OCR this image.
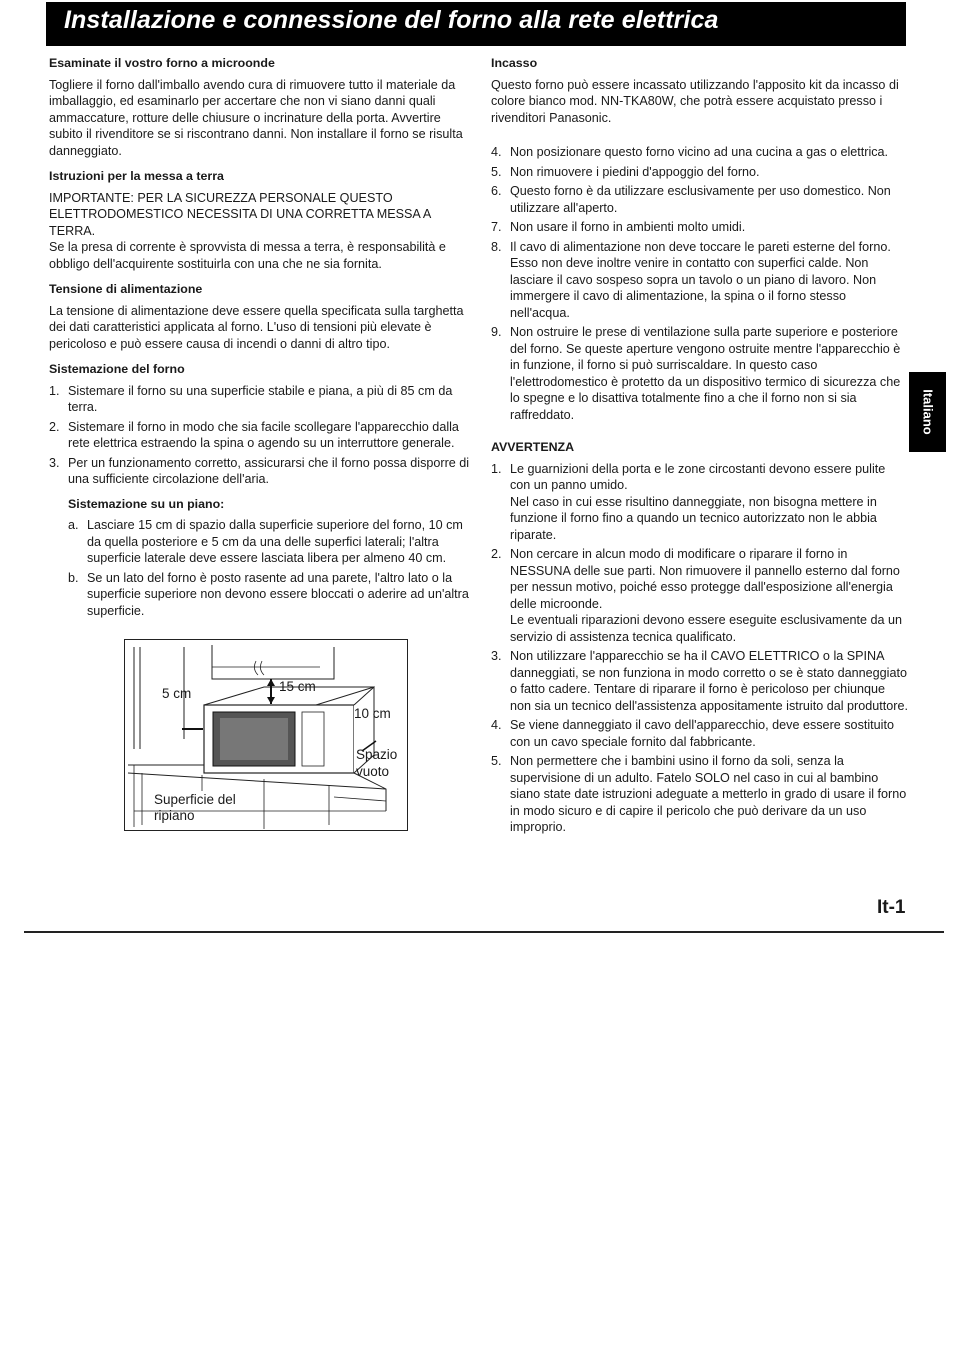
Installazione e connessione del forno alla rete elettrica
Esaminate il vostro forno a microonde

Togliere il forno dall'imballo avendo cura di rimuovere tutto il materiale da imballaggio, ed esaminarlo per accertare che non vi siano danni quali ammaccature, rotture delle chiusure o incrinature della porta. Avvertire subito il rivenditore se si riscontrano danni. Non installare il forno se risulta danneggiato.

Istruzioni per la messa a terra

IMPORTANTE: PER LA SICUREZZA PERSONALE QUESTO ELETTRODOMESTICO NECESSITA DI UNA CORRETTA MESSA A TERRA.

Se la presa di corrente è sprovvista di messa a terra, è responsabilità e obbligo dell'acquirente sostituirla con una che ne sia fornita.

Tensione di alimentazione

La tensione di alimentazione deve essere quella specificata sulla targhetta dei dati caratteristici applicata al forno. L'uso di tensioni più elevate è pericoloso e può essere causa di incendi o danni di altro tipo.

Sistemazione del forno
1. Sistemare il forno su una superficie stabile e piana, a più di 85 cm da terra.
2. Sistemare il forno in modo che sia facile scollegare l'apparecchio dalla rete elettrica estraendo la spina o agendo su un interruttore generale.
3. Per un funzionamento corretto, assicurarsi che il forno possa disporre di una sufficiente circolazione dell'aria.
Sistemazione su un piano:
a. Lasciare 15 cm di spazio dalla superficie superiore del forno, 10 cm da quella posteriore e 5 cm da una delle superfici laterali; l'altra superficie laterale deve essere lasciata libera per almeno 40 cm.
b. Se un lato del forno è posto rasente ad una parete, l'altro lato o la superficie superiore non devono essere bloccati o aderire ad un'altra superficie.
5 cm	15 cm
10 cm
Spazio
vuoto
Superficie del
ripiano
Incasso

Questo forno può essere incassato utilizzando l'apposito kit da incasso di colore bianco mod. NN-TKA80W, che potrà essere acquistato presso i rivenditori Panasonic.

4. Non posizionare questo forno vicino ad una cucina a gas o elettrica.
5. Non rimuovere i piedini d'appoggio del forno.
6. Questo forno è da utilizzare esclusivamente per uso domestico. Non utilizzare all'aperto.
7. Non usare il forno in ambienti molto umidi.
8. Il cavo di alimentazione non deve toccare le pareti esterne del forno. Esso non deve inoltre venire in contatto con superfici calde. Non lasciare il cavo sospeso sopra un tavolo o un piano di lavoro. Non immergere il cavo di alimentazione, la spina o il forno stesso nell'acqua.
9. Non ostruire le prese di ventilazione sulla parte superiore e posteriore del forno. Se queste aperture vengono ostruite mentre l'apparecchio è in funzione, il forno si può surriscaldare. In questo caso l'elettrodomestico è protetto da un dispositivo termico di sicurezza che lo spegne e lo disattiva totalmente fino a che il forno non si sia raffreddato.
AVVERTENZA
1. Le guarnizioni della porta e le zone circostanti devono essere pulite con un panno umido.
Nel caso in cui esse risultino danneggiate, non bisogna mettere in funzione il forno fino a quando un tecnico autorizzato non le abbia riparate.
2. Non cercare in alcun modo di modificare o riparare il forno in NESSUNA delle sue parti. Non rimuovere il pannello esterno dal forno per nessun motivo, poiché esso protegge dall'esposizione all'energia delle microonde.
Le eventuali riparazioni devono essere eseguite esclusivamente da un servizio di assistenza tecnica qualificato.
3. Non utilizzare l'apparecchio se ha il CAVO ELETTRICO o la SPINA danneggiati, se non funziona in modo corretto o se è stato danneggiato o fatto cadere. Tentare di riparare il forno è pericoloso per chiunque non sia un tecnico dell'assistenza appositamente istruito dal produttore.
4. Se viene danneggiato il cavo dell'apparecchio, deve essere sostituito con un cavo speciale fornito dal fabbricante.
5. Non permettere che i bambini usino il forno da soli, senza la supervisione di un adulto. Fatelo SOLO nel caso in cui al bambino siano state date istruzioni adeguate a metterlo in grado di usare il forno in modo sicuro e di capire il pericolo che può derivare da un uso improprio.
Italiano
It-1
